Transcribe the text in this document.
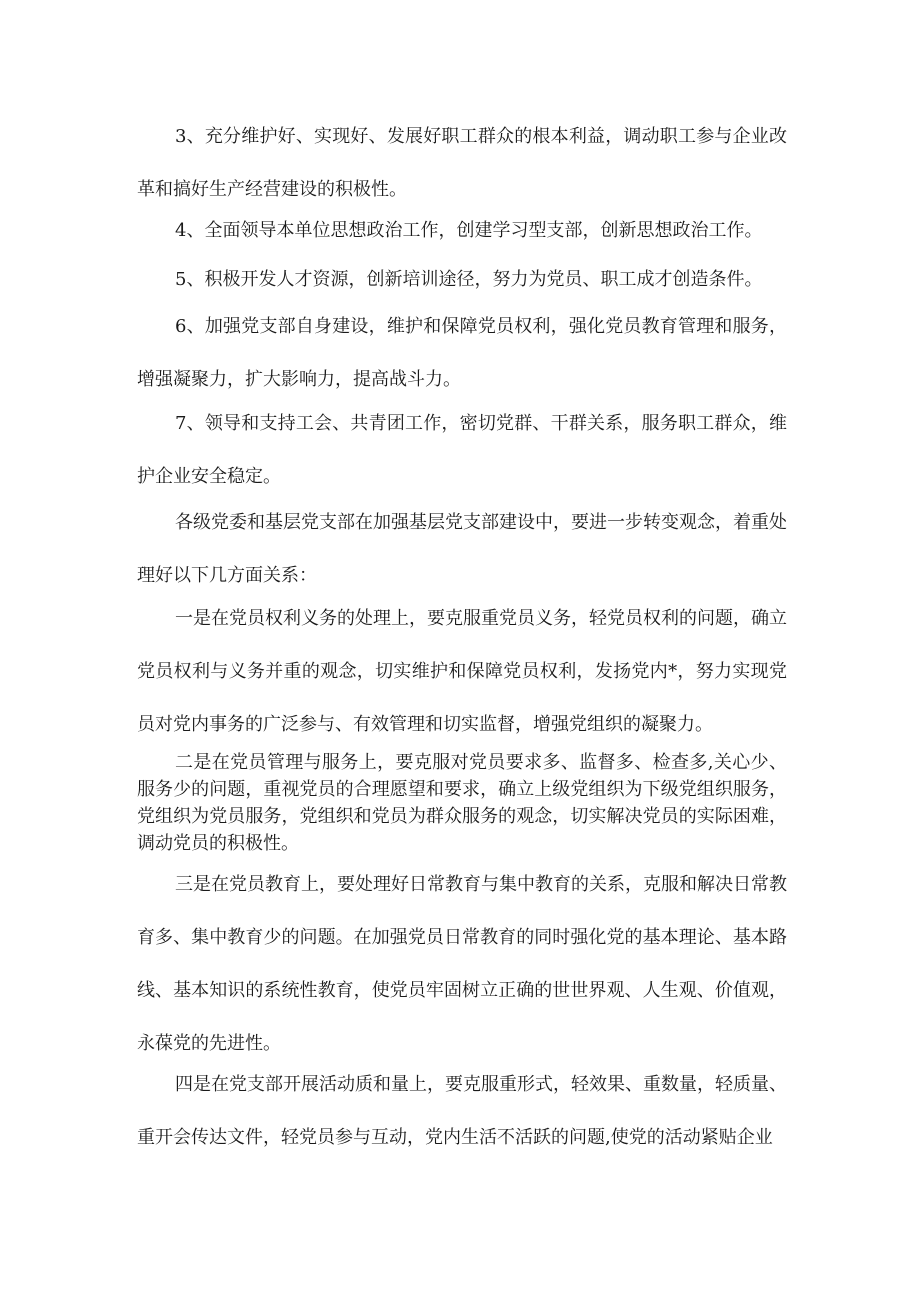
3、充分维护好、实现好、发展好职工群众的根本利益，调动职工参与企业改革和搞好生产经营建设的积极性。

4、全面领导本单位思想政治工作，创建学习型支部，创新思想政治工作。

5、积极开发人才资源，创新培训途径，努力为党员、职工成才创造条件。

6、加强党支部自身建设，维护和保障党员权利，强化党员教育管理和服务，增强凝聚力，扩大影响力，提高战斗力。

7、领导和支持工会、共青团工作，密切党群、干群关系，服务职工群众，维护企业安全稳定。

各级党委和基层党支部在加强基层党支部建设中，要进一步转变观念，着重处理好以下几方面关系：

一是在党员权利义务的处理上，要克服重党员义务，轻党员权利的问题，确立党员权利与义务并重的观念，切实维护和保障党员权利，发扬党内*，努力实现党员对党内事务的广泛参与、有效管理和切实监督，增强党组织的凝聚力。

二是在党员管理与服务上，要克服对党员要求多、监督多、检查多,关心少、服务少的问题，重视党员的合理愿望和要求，确立上级党组织为下级党组织服务，党组织为党员服务，党组织和党员为群众服务的观念，切实解决党员的实际困难，调动党员的积极性。

三是在党员教育上，要处理好日常教育与集中教育的关系，克服和解决日常教育多、集中教育少的问题。在加强党员日常教育的同时强化党的基本理论、基本路线、基本知识的系统性教育，使党员牢固树立正确的世世界观、人生观、价值观，永葆党的先进性。

四是在党支部开展活动质和量上，要克服重形式，轻效果、重数量，轻质量、重开会传达文件，轻党员参与互动，党内生活不活跃的问题,使党的活动紧贴企业
